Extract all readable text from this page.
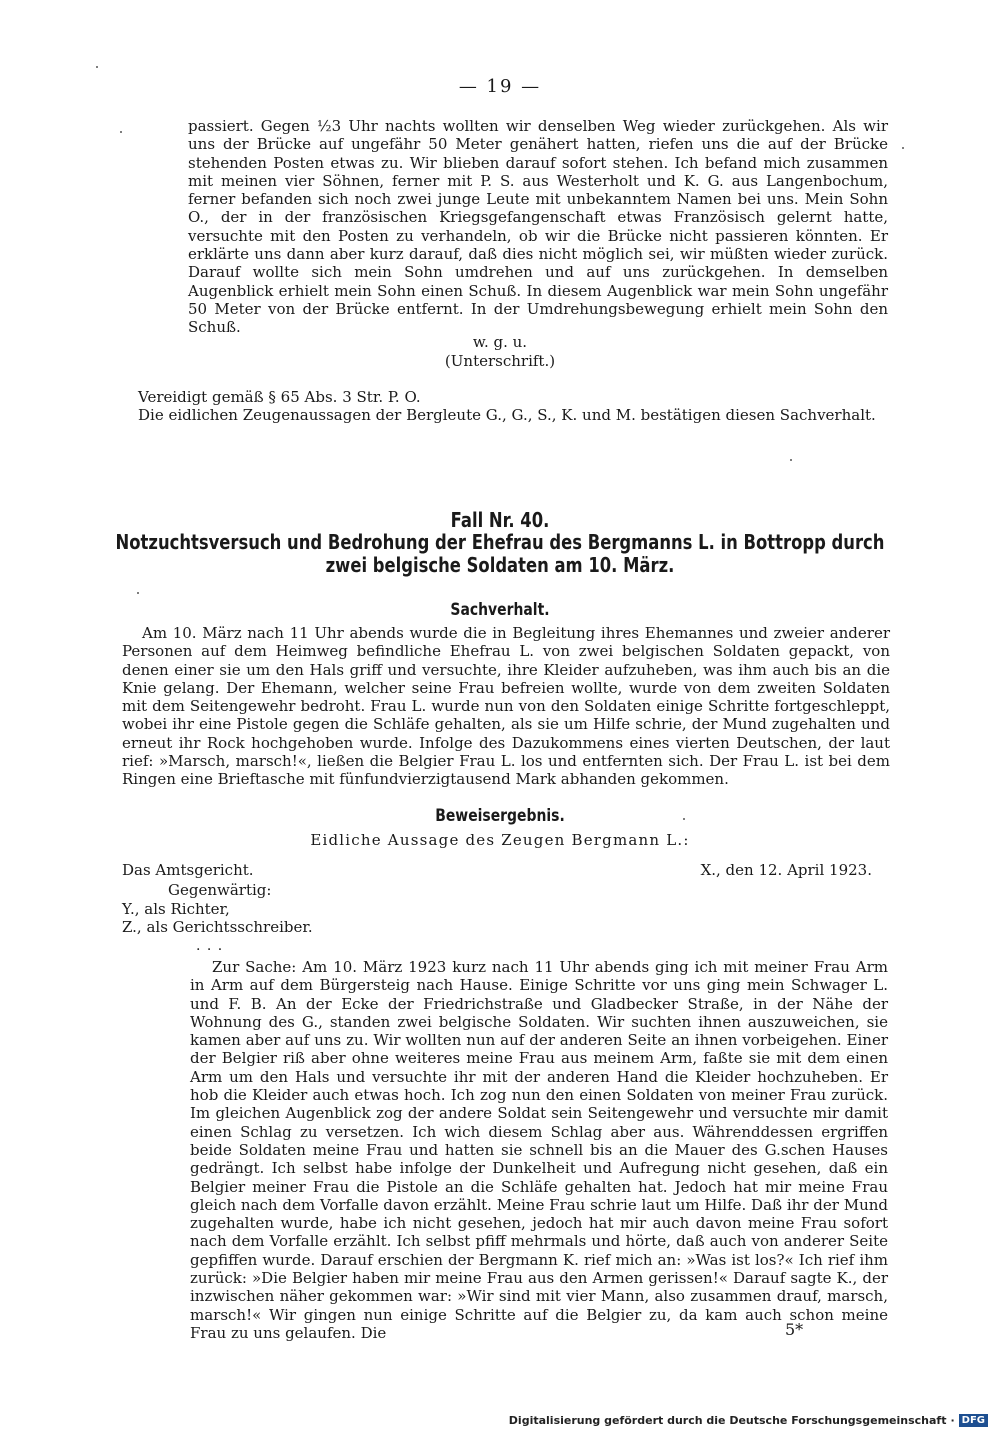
— 19 —
passiert. Gegen ½3 Uhr nachts wollten wir denselben Weg wieder zurückgehen. Als wir uns der Brücke auf ungefähr 50 Meter genähert hatten, riefen uns die auf der Brücke stehenden Posten etwas zu. Wir blieben darauf sofort stehen. Ich befand mich zusammen mit meinen vier Söhnen, ferner mit P. S. aus Westerholt und K. G. aus Langenbochum, ferner befanden sich noch zwei junge Leute mit unbekanntem Namen bei uns. Mein Sohn O., der in der französischen Kriegsgefangenschaft etwas Französisch gelernt hatte, versuchte mit den Posten zu verhandeln, ob wir die Brücke nicht passieren könnten. Er erklärte uns dann aber kurz darauf, daß dies nicht möglich sei, wir müßten wieder zurück. Darauf wollte sich mein Sohn umdrehen und auf uns zurückgehen. In demselben Augenblick erhielt mein Sohn einen Schuß. In diesem Augenblick war mein Sohn ungefähr 50 Meter von der Brücke entfernt. In der Umdrehungsbewegung erhielt mein Sohn den Schuß.
w. g. u.
(Unterschrift.)
Vereidigt gemäß § 65 Abs. 3 Str. P. O.
Die eidlichen Zeugenaussagen der Bergleute G., G., S., K. und M. bestätigen diesen Sachverhalt.
Fall Nr. 40.
Notzuchtsversuch und Bedrohung der Ehefrau des Bergmanns L. in Bottropp durch
zwei belgische Soldaten am 10. März.
Sachverhalt.
Am 10. März nach 11 Uhr abends wurde die in Begleitung ihres Ehemannes und zweier anderer Personen auf dem Heimweg befindliche Ehefrau L. von zwei belgischen Soldaten gepackt, von denen einer sie um den Hals griff und versuchte, ihre Kleider aufzuheben, was ihm auch bis an die Knie gelang. Der Ehemann, welcher seine Frau befreien wollte, wurde von dem zweiten Soldaten mit dem Seitengewehr bedroht. Frau L. wurde nun von den Soldaten einige Schritte fortgeschleppt, wobei ihr eine Pistole gegen die Schläfe gehalten, als sie um Hilfe schrie, der Mund zugehalten und erneut ihr Rock hochgehoben wurde. Infolge des Dazukommens eines vierten Deutschen, der laut rief: »Marsch, marsch!«, ließen die Belgier Frau L. los und entfernten sich. Der Frau L. ist bei dem Ringen eine Brieftasche mit fünfundvierzigtausend Mark abhanden gekommen.
Beweisergebnis.
Eidliche Aussage des Zeugen Bergmann L.:
Das Amtsgericht.	X., den 12. April 1923.
Gegenwärtig:
Y., als Richter,
Z., als Gerichtsschreiber.
. . .
Zur Sache: Am 10. März 1923 kurz nach 11 Uhr abends ging ich mit meiner Frau Arm in Arm auf dem Bürgersteig nach Hause. Einige Schritte vor uns ging mein Schwager L. und F. B. An der Ecke der Friedrichstraße und Gladbecker Straße, in der Nähe der Wohnung des G., standen zwei belgische Soldaten. Wir suchten ihnen auszuweichen, sie kamen aber auf uns zu. Wir wollten nun auf der anderen Seite an ihnen vorbeigehen. Einer der Belgier riß aber ohne weiteres meine Frau aus meinem Arm, faßte sie mit dem einen Arm um den Hals und versuchte ihr mit der anderen Hand die Kleider hochzuheben. Er hob die Kleider auch etwas hoch. Ich zog nun den einen Soldaten von meiner Frau zurück. Im gleichen Augenblick zog der andere Soldat sein Seitengewehr und versuchte mir damit einen Schlag zu versetzen. Ich wich diesem Schlag aber aus. Währenddessen ergriffen beide Soldaten meine Frau und hatten sie schnell bis an die Mauer des G.schen Hauses gedrängt. Ich selbst habe infolge der Dunkelheit und Aufregung nicht gesehen, daß ein Belgier meiner Frau die Pistole an die Schläfe gehalten hat. Jedoch hat mir meine Frau gleich nach dem Vorfalle davon erzählt. Meine Frau schrie laut um Hilfe. Daß ihr der Mund zugehalten wurde, habe ich nicht gesehen, jedoch hat mir auch davon meine Frau sofort nach dem Vorfalle erzählt. Ich selbst pfiff mehrmals und hörte, daß auch von anderer Seite gepfiffen wurde. Darauf erschien der Bergmann K. rief mich an: »Was ist los?« Ich rief ihm zurück: »Die Belgier haben mir meine Frau aus den Armen gerissen!« Darauf sagte K., der inzwischen näher gekommen war: »Wir sind mit vier Mann, also zusammen drauf, marsch, marsch!« Wir gingen nun einige Schritte auf die Belgier zu, da kam auch schon meine Frau zu uns gelaufen. Die	5*
Digitalisierung gefördert durch die Deutsche Forschungsgemeinschaft · DFG
